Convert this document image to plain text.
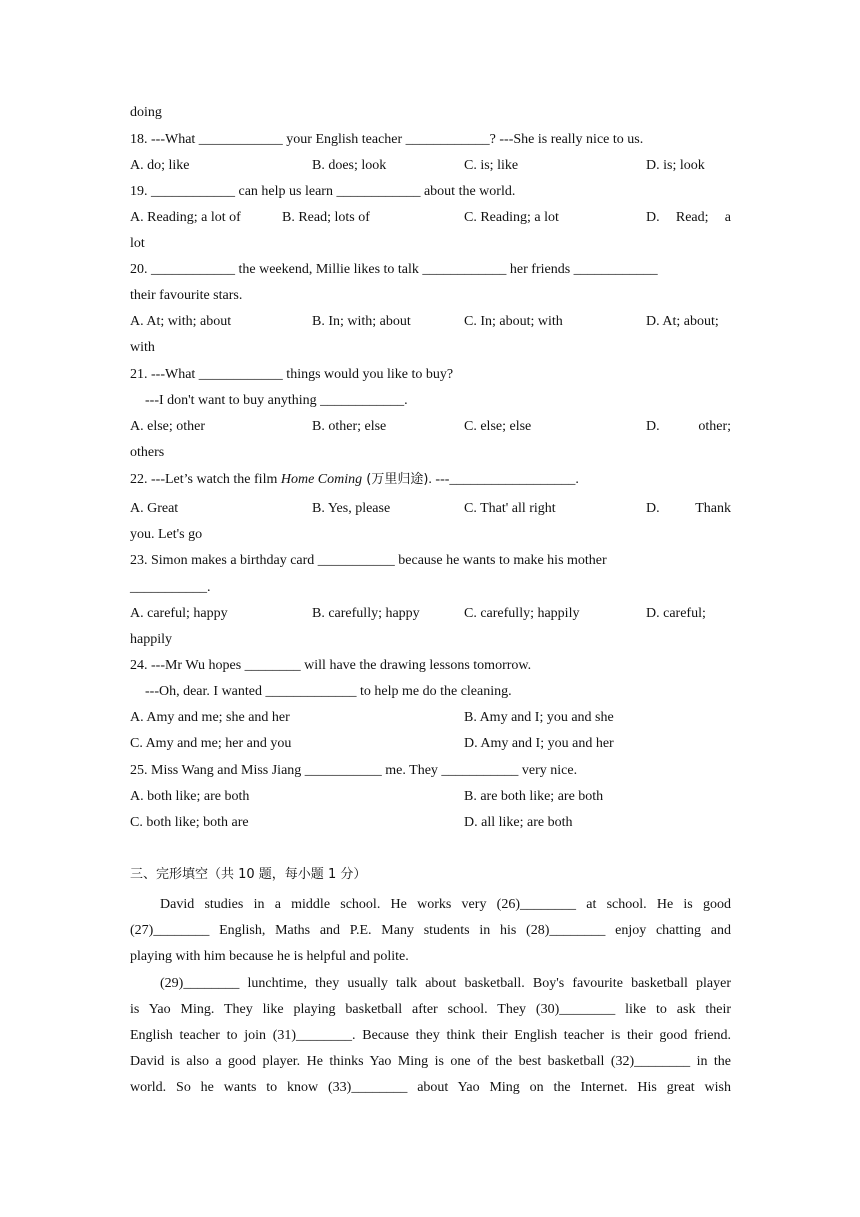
doing
18. ---What ____________ your English teacher ____________? ---She is really nice to us.
A. do; like	B. does; look	C. is; like	D. is; look
19. ____________ can help us learn ____________ about the world.
A. Reading; a lot of	B. Read; lots of	C. Reading; a lot	D. Read; a
lot
20. ____________ the weekend, Millie likes to talk ____________ her friends ____________
their favourite stars.
A. At; with; about	B. In; with; about	C. In; about; with	D. At; about;
with
21. ---What ____________ things would you like to buy?
---I don't want to buy anything ____________.
A. else; other	B. other; else	C. else; else	D. other;
others
22. ---Let’s watch the film Home Coming (万里归途). ---__________________.
A. Great	B. Yes, please	C. That' all right	D. Thank
you. Let's go
23. Simon makes a birthday card ___________ because he wants to make his mother
___________.
A. careful; happy	B. carefully; happy	C. carefully; happily	D. careful;
happily
24. ---Mr Wu hopes ________ will have the drawing lessons tomorrow.
---Oh, dear. I wanted _____________ to help me do the cleaning.
A. Amy and me; she and her	B. Amy and I; you and she
C. Amy and me; her and you	D. Amy and I; you and her
25. Miss Wang and Miss Jiang ___________ me. They ___________ very nice.
A. both like; are both	B. are both like; are both
C. both like; both are	D. all like; are both
三、完形填空（共 10 题，每小题 1 分）
David studies in a middle school. He works very (26)________ at school. He is good
(27)________ English, Maths and P.E. Many students in his (28)________ enjoy chatting and
playing with him because he is helpful and polite.
(29)________ lunchtime, they usually talk about basketball. Boy's favourite basketball player
is Yao Ming. They like playing basketball after school. They (30)________ like to ask their
English teacher to join (31)________. Because they think their English teacher is their good friend.
David is also a good player. He thinks Yao Ming is one of the best basketball (32)________ in the
world. So he wants to know (33)________ about Yao Ming on the Internet. His great wish
